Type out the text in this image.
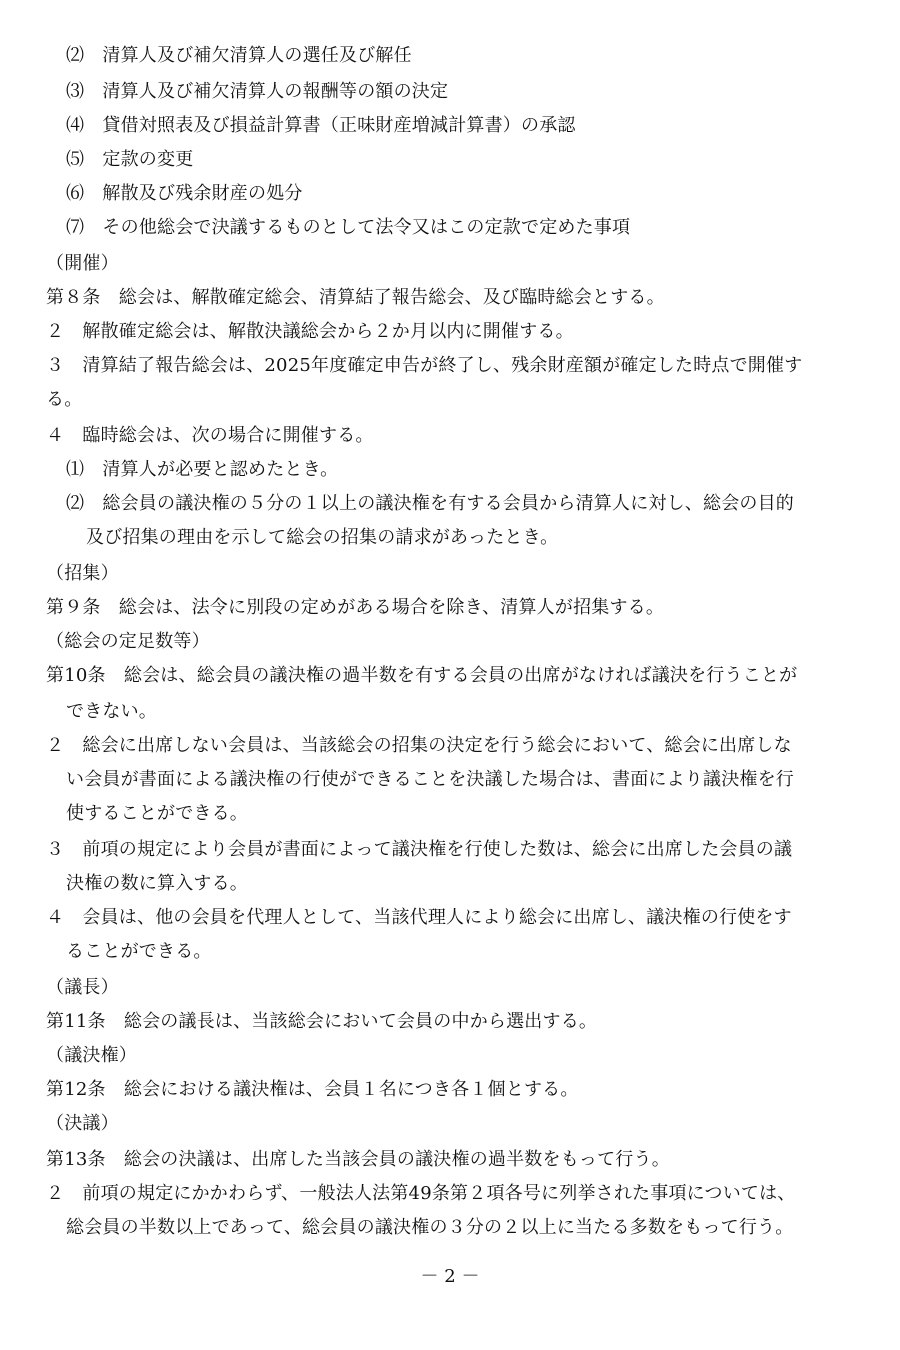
⑵　清算人及び補欠清算人の選任及び解任
⑶　清算人及び補欠清算人の報酬等の額の決定
⑷　貸借対照表及び損益計算書（正味財産増減計算書）の承認
⑸　定款の変更
⑹　解散及び残余財産の処分
⑺　その他総会で決議するものとして法令又はこの定款で定めた事項
（開催）
第８条　総会は、解散確定総会、清算結了報告総会、及び臨時総会とする。
２　解散確定総会は、解散決議総会から２か月以内に開催する。
３　清算結了報告総会は、2025年度確定申告が終了し、残余財産額が確定した時点で開催す
る。
４　臨時総会は、次の場合に開催する。
⑴　清算人が必要と認めたとき。
⑵　総会員の議決権の５分の１以上の議決権を有する会員から清算人に対し、総会の目的
及び招集の理由を示して総会の招集の請求があったとき。
（招集）
第９条　総会は、法令に別段の定めがある場合を除き、清算人が招集する。
（総会の定足数等）
第10条　総会は、総会員の議決権の過半数を有する会員の出席がなければ議決を行うことが
できない。
２　総会に出席しない会員は、当該総会の招集の決定を行う総会において、総会に出席しな
い会員が書面による議決権の行使ができることを決議した場合は、書面により議決権を行
使することができる。
３　前項の規定により会員が書面によって議決権を行使した数は、総会に出席した会員の議
決権の数に算入する。
４　会員は、他の会員を代理人として、当該代理人により総会に出席し、議決権の行使をす
ることができる。
（議長）
第11条　総会の議長は、当該総会において会員の中から選出する。
（議決権）
第12条　総会における議決権は、会員１名につき各１個とする。
（決議）
第13条　総会の決議は、出席した当該会員の議決権の過半数をもって行う。
２　前項の規定にかかわらず、一般法人法第49条第２項各号に列挙された事項については、
総会員の半数以上であって、総会員の議決権の３分の２以上に当たる多数をもって行う。
－ 2 －
